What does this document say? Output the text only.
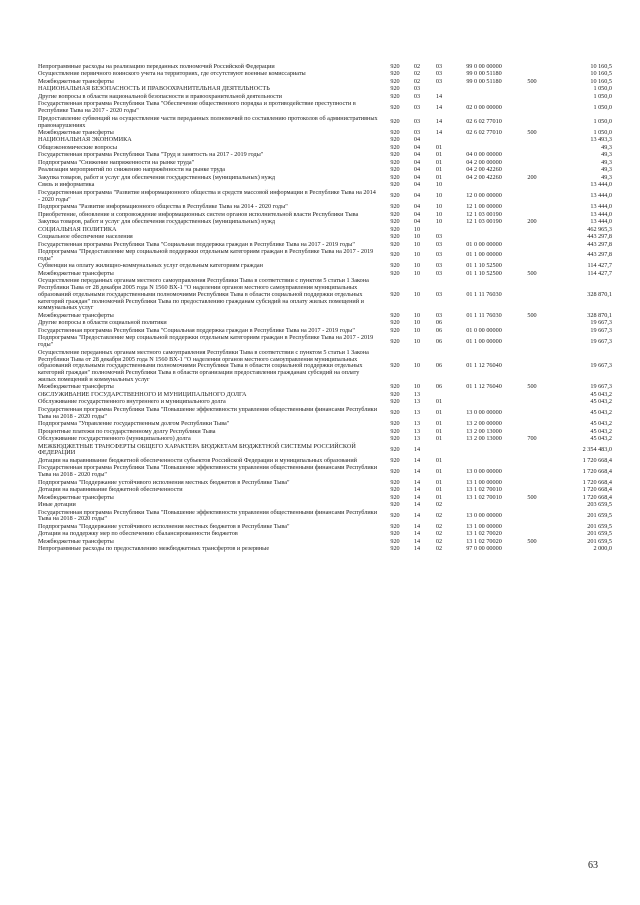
Непрограммные расходы на реализацию переданных полномочий Российской Федерации	920	02	03	99 0 00 00000		10 160,5
Осуществление первичного воинского учета на территориях, где отсутствуют военные комиссариаты	920	02	03	99 0 00 51180		10 160,5
Межбюджетные трансферты	920	02	03	99 0 00 51180	500	10 160,5
НАЦИОНАЛЬНАЯ БЕЗОПАСНОСТЬ И ПРАВООХРАНИТЕЛЬНАЯ ДЕЯТЕЛЬНОСТЬ	920	03				1 050,0
Другие вопросы в области национальной безопасности и правоохранительной деятельности	920	03	14			1 050,0
Государственная программа Республики Тыва "Обеспечение общественного порядка и противодействие преступности в Республике Тыва на 2017 - 2020 годы"	920	03	14	02 0 00 00000		1 050,0
Предоставление субвенций на осуществление части переданных полномочий по составлению протоколов об административных правонарушениях	920	03	14	02 6 02 77010		1 050,0
Межбюджетные трансферты	920	03	14	02 6 02 77010	500	1 050,0
НАЦИОНАЛЬНАЯ ЭКОНОМИКА	920	04				13 493,3
Общеэкономические вопросы	920	04	01			49,3
Государственная программа Республики Тыва "Труд и занятость на 2017 - 2019 годы"	920	04	01	04 0 00 00000		49,3
Подпрограмма "Снижение напряженности на рынке труда"	920	04	01	04 2 00 00000		49,3
Реализация мероприятий по снижению напряжённости на рынке труда	920	04	01	04 2 00 42260		49,3
Закупка товаров, работ и услуг для обеспечения государственных (муниципальных) нужд	920	04	01	04 2 00 42260	200	49,3
Связь и информатика	920	04	10			13 444,0
Государственная программа "Развитие информационного общества и средств массовой информации в Республике Тыва на 2014 - 2020 годы"	920	04	10	12 0 00 00000		13 444,0
Подпрограмма "Развитие информационного общества в Республике Тыва на 2014 - 2020 годы"	920	04	10	12 1 00 00000		13 444,0
Приобретение, обновление и сопровождение информационных систем органов исполнительной власти Республики Тыва	920	04	10	12 1 03 00190		13 444,0
Закупка товаров, работ и услуг для обеспечения государственных (муниципальных) нужд	920	04	10	12 1 03 00190	200	13 444,0
СОЦИАЛЬНАЯ ПОЛИТИКА	920	10				462 965,3
Социальное обеспечение населения	920	10	03			443 297,8
Государственная программа Республики Тыва "Социальная поддержка граждан в Республике Тыва на 2017 - 2019 годы"	920	10	03	01 0 00 00000		443 297,8
Подпрограмма "Предоставление мер социальной поддержки отдельным категориям граждан в Республике Тыва на 2017 - 2019 годы"	920	10	03	01 1 00 00000		443 297,8
Субвенции на оплату жилищно-коммунальных услуг отдельным категориям граждан	920	10	03	01 1 10 52500		114 427,7
Межбюджетные трансферты	920	10	03	01 1 10 52500	500	114 427,7
Осуществление переданных органам местного самоуправления Республики Тыва в соответствии с пунктом 5 статьи 1 Закона Республики Тыва от 28 декабря 2005 года N 1560 ВХ-1 "О наделении органов местного самоуправления муниципальных образований отдельными государственными полномочиями Республики Тыва в области социальной поддержки отдельных категорий граждан" полномочий Республики Тыва по предоставлению гражданам субсидий на оплату жилых помещений и коммунальных услуг	920	10	03	01 1 11 76030		328 870,1
Межбюджетные трансферты	920	10	03	01 1 11 76030	500	328 870,1
Другие вопросы в области социальной политики	920	10	06			19 667,3
Государственная программа Республики Тыва "Социальная поддержка граждан в Республике Тыва на 2017 - 2019 годы"	920	10	06	01 0 00 00000		19 667,3
Подпрограмма "Предоставление мер социальной поддержки отдельным категориям граждан в Республике Тыва на 2017 - 2019 годы"	920	10	06	01 1 00 00000		19 667,3
Осуществление переданных органам местного самоуправления Республики Тыва в соответствии с пунктом 5 статьи 1 Закона Республики Тыва от 28 декабря 2005 года N 1560 ВХ-1 "О наделении органов местного самоуправления муниципальных образований отдельными государственными полномочиями Республики Тыва в области социальной поддержки отдельных категорий граждан" полномочий Республики Тыва в области организации предоставления гражданам субсидий на оплату жилых помещений и коммунальных услуг	920	10	06	01 1 12 76040		19 667,3
Межбюджетные трансферты	920	10	06	01 1 12 76040	500	19 667,3
ОБСЛУЖИВАНИЕ ГОСУДАРСТВЕННОГО И МУНИЦИПАЛЬНОГО ДОЛГА	920	13				45 043,2
Обслуживание государственного внутреннего и муниципального долга	920	13	01			45 043,2
Государственная программа Республики Тыва "Повышение эффективности управления общественными финансами Республики Тыва на 2018 - 2020 годы"	920	13	01	13 0 00 00000		45 043,2
Подпрограмма "Управление государственным долгом Республики Тыва"	920	13	01	13 2 00 00000		45 043,2
Процентные платежи по государственному долгу Республики Тыва	920	13	01	13 2 00 13000		45 043,2
Обслуживание государственного (муниципального) долга	920	13	01	13 2 00 13000	700	45 043,2
МЕЖБЮДЖЕТНЫЕ ТРАНСФЕРТЫ ОБЩЕГО ХАРАКТЕРА БЮДЖЕТАМ БЮДЖЕТНОЙ СИСТЕМЫ РОССИЙСКОЙ ФЕДЕРАЦИИ	920	14				2 354 483,0
Дотации на выравнивание бюджетной обеспеченности субъектов Российской Федерации и муниципальных образований	920	14	01			1 720 668,4
Государственная программа Республики Тыва "Повышение эффективности управления общественными финансами Республики Тыва на 2018 - 2020 годы"	920	14	01	13 0 00 00000		1 720 668,4
Подпрограмма "Поддержание устойчивого исполнения местных бюджетов в Республике Тыва"	920	14	01	13 1 00 00000		1 720 668,4
Дотации на выравнивание бюджетной обеспеченности	920	14	01	13 1 02 70010		1 720 668,4
Межбюджетные трансферты	920	14	01	13 1 02 70010	500	1 720 668,4
Иные дотации	920	14	02			203 659,5
Государственная программа Республики Тыва "Повышение эффективности управления общественными финансами Республики Тыва на 2018 - 2020 годы"	920	14	02	13 0 00 00000		201 659,5
Подпрограмма "Поддержание устойчивого исполнения местных бюджетов в Республике Тыва"	920	14	02	13 1 00 00000		201 659,5
Дотации на поддержку мер по обеспечению сбалансированности бюджетов	920	14	02	13 1 02 70020		201 659,5
Межбюджетные трансферты	920	14	02	13 1 02 70020	500	201 659,5
Непрограммные расходы по предоставлению межбюджетных трансфертов и резервные	920	14	02	97 0 00 00000		2 000,0
63
